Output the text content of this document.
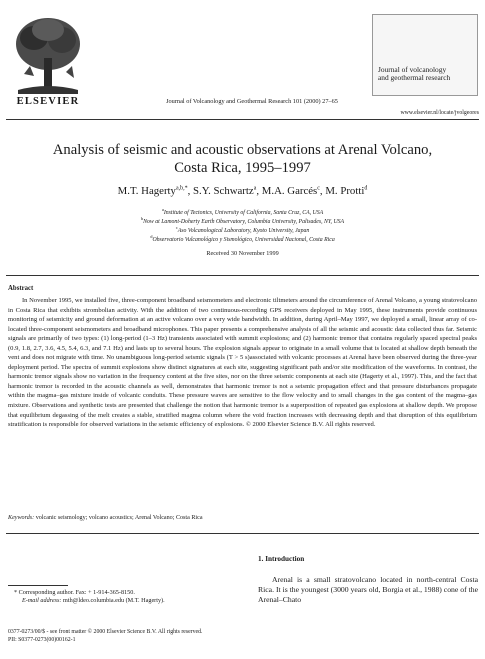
ELSEVIER	Journal of Volcanology and Geothermal Research 101 (2000) 27–65
Journal of volcanology
and geothermal research
www.elsevier.nl/locate/jvolgeores
Analysis of seismic and acoustic observations at Arenal Volcano,
Costa Rica, 1995–1997
M.T. Hagerty$^{a,b,*}$, S.Y. Schwartz$^a$, M.A. Garcés$^c$, M. Protti$^d$
$^a$Institute of Tectonics, University of California, Santa Cruz, CA, USA
$^b$Now at Lamont-Doherty Earth Observatory, Columbia University, Palisades, NY, USA
$^c$Aso Volcanological Laboratory, Kyoto University, Japan
$^d$Observatorio Vulcanológico y Sismológico, Universidad Nacional, Costa Rica
Received 30 November 1999
Abstract
In November 1995, we installed five, three-component broadband seismometers and electronic tiltmeters around the circumference of Arenal Volcano, a young stratovolcano in Costa Rica that exhibits strombolian activity. With the addition of two continuous-recording GPS receivers deployed in May 1995, these instruments provide continuous monitoring of seismicity and ground deformation at an active volcano over a very wide bandwidth. In addition, during April–May 1997, we deployed a small, linear array of co-located three-component seismometers and broadband microphones. This paper presents a comprehensive analysis of all the seismic and acoustic data collected thus far. Seismic signals are primarily of two types: (1) long-period (1–3 Hz) transients associated with summit explosions; and (2) harmonic tremor that contains regularly spaced spectral peaks (0.9, 1.8, 2.7, 3.6, 4.5, 5.4, 6.3, and 7.1 Hz) and lasts up to several hours. The explosion signals appear to originate in a small volume that is located at shallow depth beneath the vent and does not migrate with time. No unambiguous long-period seismic signals (T > 5 s)associated with volcanic processes at Arenal have been observed during the three-year deployment period. The spectra of summit explosions show distinct signatures at each site, suggesting significant path and/or site modification of the waveforms. In contrast, the harmonic tremor signals show no variation in the frequency content at the five sites, nor on the three seismic components at each site (Hagerty et al., 1997). This, and the fact that harmonic tremor is recorded in the acoustic channels as well, demonstrates that harmonic tremor is not a seismic propagation effect and that pressure disturbances propagate within the magma–gas mixture inside of volcanic conduits. These pressure waves are sensitive to the flow velocity and to small changes in the gas content of the magma–gas mixture. Observations and synthetic tests are presented that challenge the notion that harmonic tremor is a superposition of repeated gas explosions at shallow depth. We propose that equilibrium degassing of the melt creates a stable, stratified magma column where the void fraction increases with decreasing depth and that disruption of this equilibrium stratification is responsible for observed variations in the seismic efficiency of explosions. © 2000 Elsevier Science B.V. All rights reserved.
Keywords: volcanic seismology; volcano acoustics; Arenal Volcano; Costa Rica
1. Introduction
Arenal is a small stratovolcano located in north-central Costa Rica. It is the youngest (3000 years old, Borgia et al., 1988) cone of the Arenal–Chato
* Corresponding author. Fax: + 1-914-365-8150.
E-mail address: mth@ldeo.columbia.edu (M.T. Hagerty).
0377-0273/00/$ - see front matter © 2000 Elsevier Science B.V. All rights reserved.
PII: S0377-0273(00)00162-1
